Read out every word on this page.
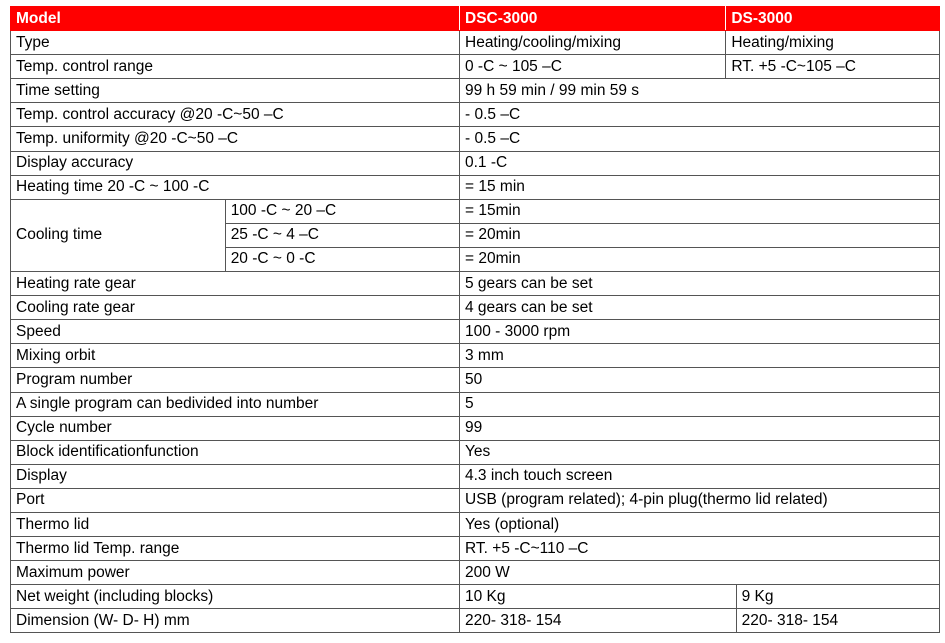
Model		DSC-3000	DS-3000	
Type		Heating/cooling/mixing	Heating/mixing	
Temp. control range		0 -C ~ 105 –C	RT. +5 -C~105 –C	
Time setting		99 h 59 min / 99 min 59 s		
Temp. control accuracy @20 -C~50 –C		- 0.5 –C		
Temp. uniformity @20 -C~50 –C		- 0.5 –C		
Display accuracy		0.1 -C		
Heating time 20 -C ~ 100 -C		= 15 min		
Cooling time	100 -C ~ 20 –C	= 15min		
	25 -C ~ 4 –C	= 20min		
	20 -C ~ 0 -C	= 20min		
Heating rate gear		5 gears can be set		
Cooling rate gear		4 gears can be set		
Speed		100 - 3000 rpm		
Mixing orbit		3 mm		
Program number		50		
A single program can bedivided into number		5		
Cycle number		99		
Block identificationfunction		Yes		
Display		4.3 inch touch screen		
Port		USB (program related); 4-pin plug(thermo lid related)		
Thermo lid		Yes (optional)		
Thermo lid Temp. range		RT. +5 -C~110 –C		
Maximum power		200 W		
Net weight (including blocks)		10 Kg		9 Kg
Dimension (W- D- H) mm		220- 318- 154		220- 318- 154
